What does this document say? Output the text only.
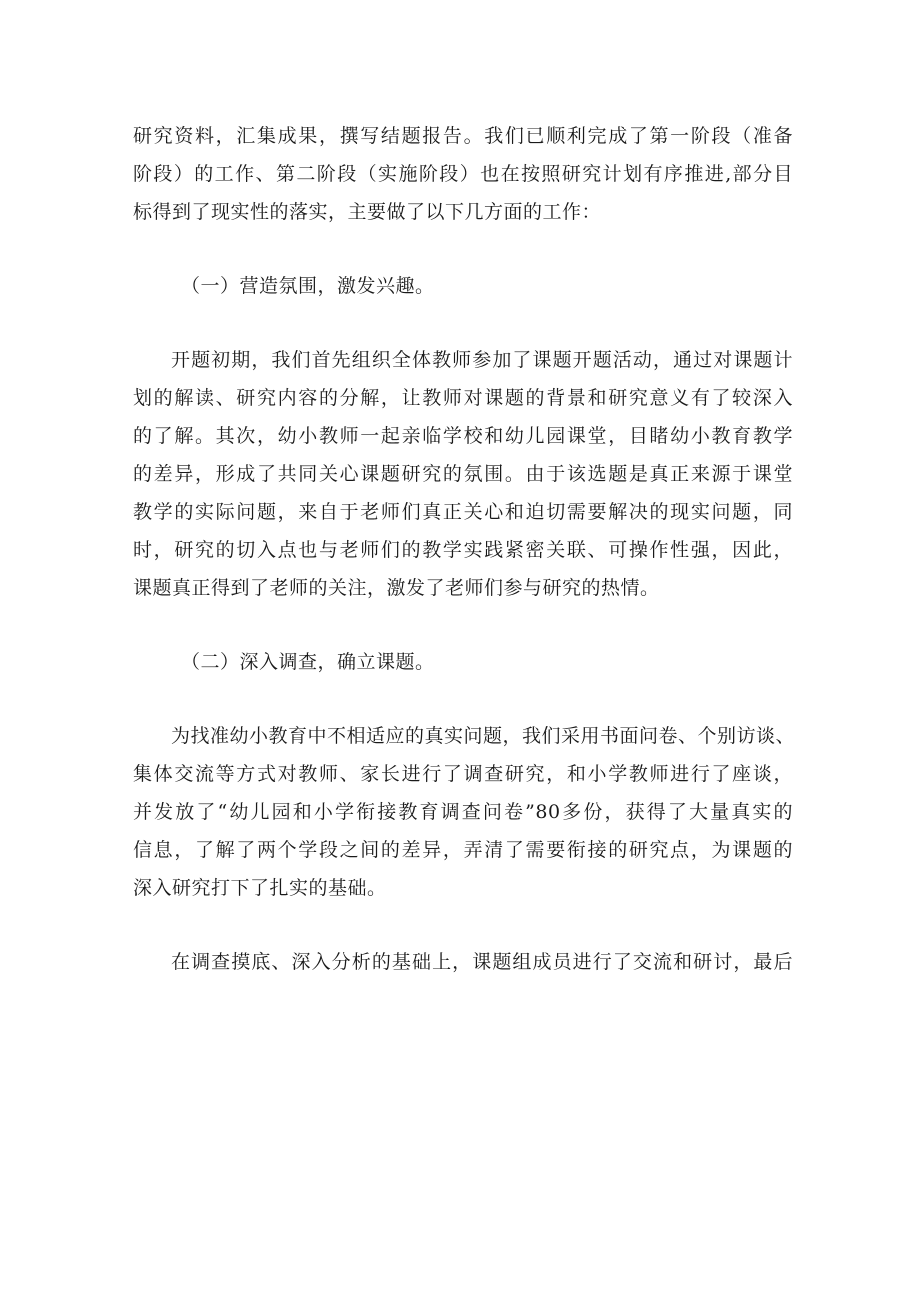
研究资料，汇集成果，撰写结题报告。我们已顺利完成了第一阶段（准备
阶段）的工作、第二阶段（实施阶段）也在按照研究计划有序推进,部分目
标得到了现实性的落实，主要做了以下几方面的工作：
（一）营造氛围，激发兴趣。
开题初期，我们首先组织全体教师参加了课题开题活动，通过对课题计
划的解读、研究内容的分解，让教师对课题的背景和研究意义有了较深入
的了解。其次，幼小教师一起亲临学校和幼儿园课堂，目睹幼小教育教学
的差异，形成了共同关心课题研究的氛围。由于该选题是真正来源于课堂
教学的实际问题，来自于老师们真正关心和迫切需要解决的现实问题，同
时，研究的切入点也与老师们的教学实践紧密关联、可操作性强，因此，
课题真正得到了老师的关注，激发了老师们参与研究的热情。
（二）深入调查，确立课题。
为找准幼小教育中不相适应的真实问题，我们采用书面问卷、个别访谈、
集体交流等方式对教师、家长进行了调查研究，和小学教师进行了座谈，
并发放了“幼儿园和小学衔接教育调查问卷”80多份，获得了大量真实的
信息，了解了两个学段之间的差异，弄清了需要衔接的研究点，为课题的
深入研究打下了扎实的基础。
在调查摸底、深入分析的基础上，课题组成员进行了交流和研讨，最后
